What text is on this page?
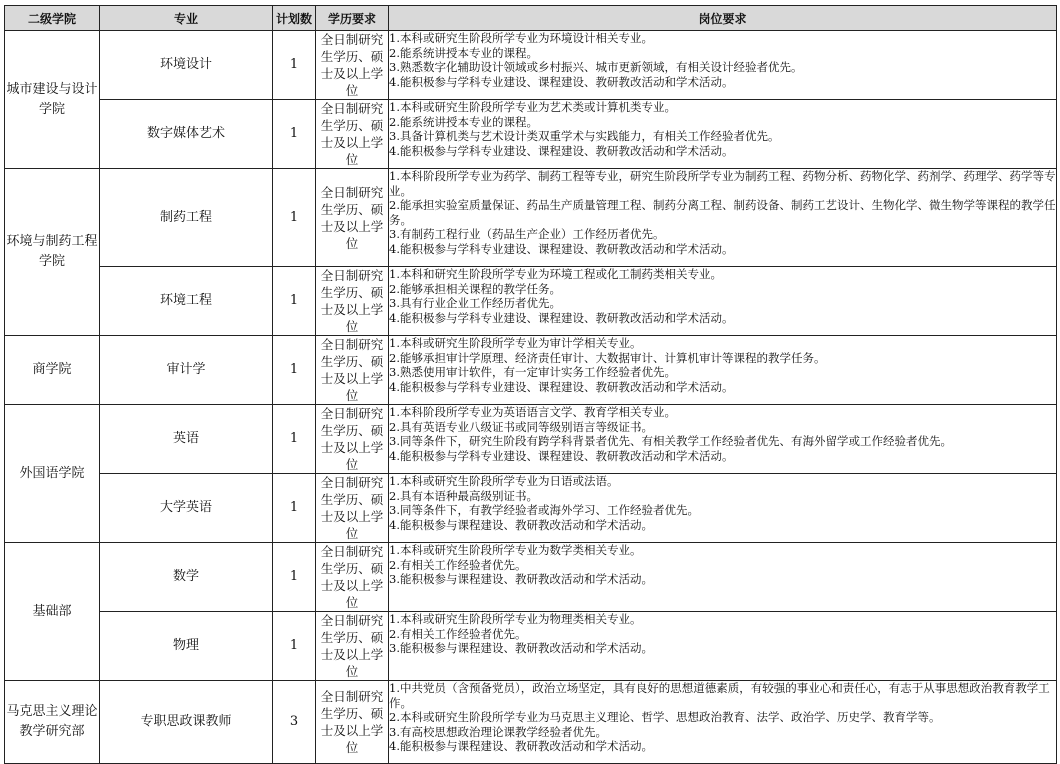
二级学院	专业	计划数	学历要求	岗位要求
城市建设与设计学院	环境设计	1	全日制研究生学历、硕士及以上学位	1.本科或研究生阶段所学专业为环境设计相关专业。
2.能系统讲授本专业的课程。
3.熟悉数字化辅助设计领域或乡村振兴、城市更新领域，有相关设计经验者优先。
4.能积极参与学科专业建设、课程建设、教研教改活动和学术活动。

	数字媒体艺术	1	全日制研究生学历、硕士及以上学位	1.本科或研究生阶段所学专业为艺术类或计算机类专业。
2.能系统讲授本专业的课程。
3.具备计算机类与艺术设计类双重学术与实践能力，有相关工作经验者优先。
4.能积极参与学科专业建设、课程建设、教研教改活动和学术活动。

环境与制药工程学院	制药工程	1	全日制研究生学历、硕士及以上学位	1.本科阶段所学专业为药学、制药工程等专业，研究生阶段所学专业为制药工程、药物分析、药物化学、药剂学、药理学、药学等专业。
2.能承担实验室质量保证、药品生产质量管理工程、制药分离工程、制药设备、制药工艺设计、生物化学、微生物学等课程的教学任务。
3.有制药工程行业（药品生产企业）工作经历者优先。
4.能积极参与学科专业建设、课程建设、教研教改活动和学术活动。

	环境工程	1	全日制研究生学历、硕士及以上学位	1.本科和研究生阶段所学专业为环境工程或化工制药类相关专业。
2.能够承担相关课程的教学任务。
3.具有行业企业工作经历者优先。
4.能积极参与学科专业建设、课程建设、教研教改活动和学术活动。

商学院	审计学	1	全日制研究生学历、硕士及以上学位	1.本科或研究生阶段所学专业为审计学相关专业。
2.能够承担审计学原理、经济责任审计、大数据审计、计算机审计等课程的教学任务。
3.熟悉使用审计软件，有一定审计实务工作经验者优先。
4.能积极参与学科专业建设、课程建设、教研教改活动和学术活动。

外国语学院	英语	1	全日制研究生学历、硕士及以上学位	1.本科阶段所学专业为英语语言文学、教育学相关专业。
2.具有英语专业八级证书或同等级别语言等级证书。
3.同等条件下，研究生阶段有跨学科背景者优先、有相关教学工作经验者优先、有海外留学或工作经验者优先。
4.能积极参与学科专业建设、课程建设、教研教改活动和学术活动。

	大学英语	1	全日制研究生学历、硕士及以上学位	1.本科或研究生阶段所学专业为日语或法语。
2.具有本语种最高级别证书。
3.同等条件下，有教学经验者或海外学习、工作经验者优先。
4.能积极参与课程建设、教研教改活动和学术活动。

基础部	数学	1	全日制研究生学历、硕士及以上学位	1.本科或研究生阶段所学专业为数学类相关专业。
2.有相关工作经验者优先。
3.能积极参与课程建设、教研教改活动和学术活动。

	物理	1	全日制研究生学历、硕士及以上学位	1.本科或研究生阶段所学专业为物理类相关专业。
2.有相关工作经验者优先。
3.能积极参与课程建设、教研教改活动和学术活动。

马克思主义理论教学研究部	专职思政课教师	3	全日制研究生学历、硕士及以上学位	1.中共党员（含预备党员），政治立场坚定，具有良好的思想道德素质，有较强的事业心和责任心，有志于从事思想政治教育教学工作。
2.本科或研究生阶段所学专业为马克思主义理论、哲学、思想政治教育、法学、政治学、历史学、教育学等。
3.有高校思想政治理论课教学经验者优先。
4.能积极参与课程建设、教研教改活动和学术活动。
